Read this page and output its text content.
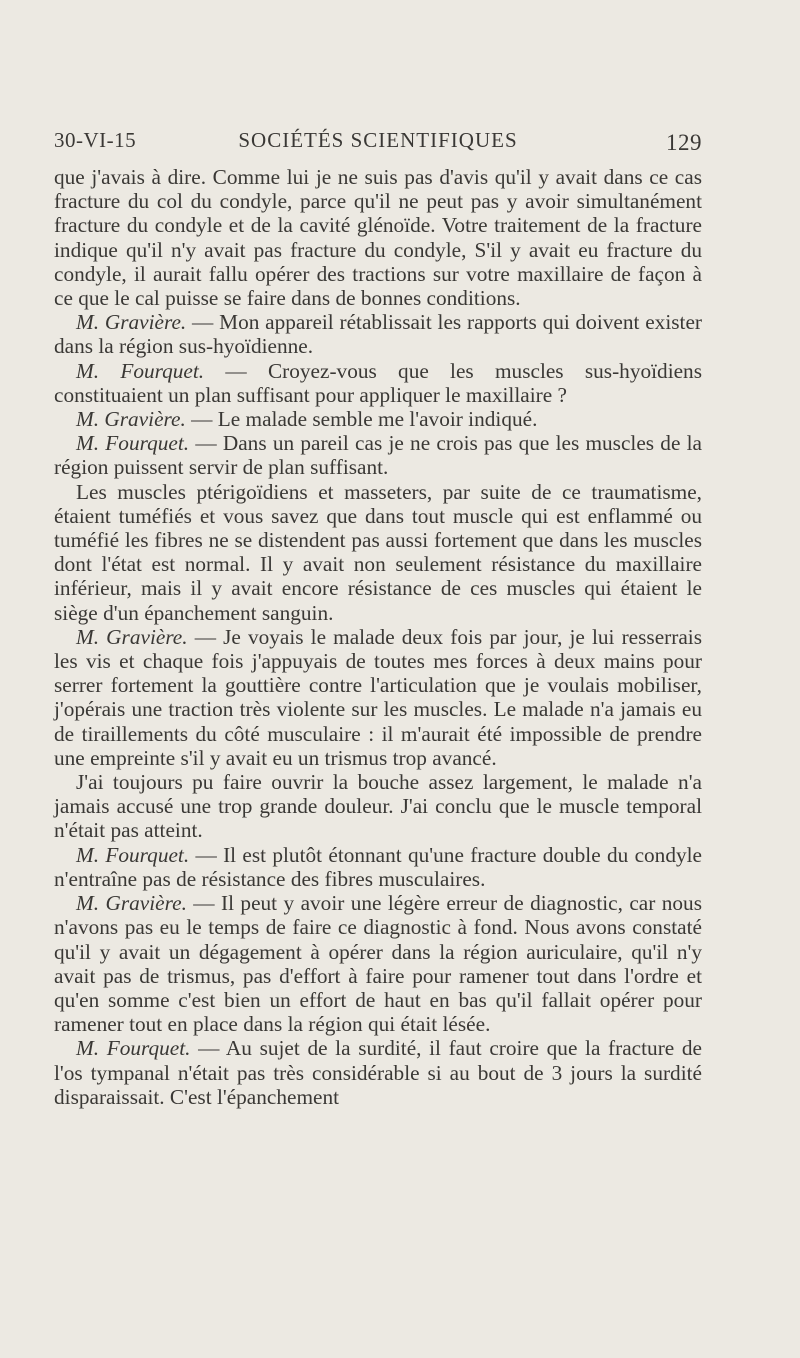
30-VI-15	SOCIÉTÉS SCIENTIFIQUES	129

que j'avais à dire. Comme lui je ne suis pas d'avis qu'il y avait dans ce cas fracture du col du condyle, parce qu'il ne peut pas y avoir simultanément fracture du condyle et de la cavité glénoïde. Votre traitement de la fracture indique qu'il n'y avait pas fracture du condyle, S'il y avait eu fracture du condyle, il aurait fallu opérer des tractions sur votre maxillaire de façon à ce que le cal puisse se faire dans de bonnes conditions.

M. Gravière. — Mon appareil rétablissait les rapports qui doivent exister dans la région sus-hyoïdienne.

M. Fourquet. — Croyez-vous que les muscles sus-hyoïdiens constituaient un plan suffisant pour appliquer le maxillaire ?

M. Gravière. — Le malade semble me l'avoir indiqué.

M. Fourquet. — Dans un pareil cas je ne crois pas que les muscles de la région puissent servir de plan suffisant.

Les muscles ptérigoïdiens et masseters, par suite de ce traumatisme, étaient tuméfiés et vous savez que dans tout muscle qui est enflammé ou tuméfié les fibres ne se distendent pas aussi fortement que dans les muscles dont l'état est normal. Il y avait non seulement résistance du maxillaire inférieur, mais il y avait encore résistance de ces muscles qui étaient le siège d'un épanchement sanguin.

M. Gravière. — Je voyais le malade deux fois par jour, je lui resserrais les vis et chaque fois j'appuyais de toutes mes forces à deux mains pour serrer fortement la gouttière contre l'articulation que je voulais mobiliser, j'opérais une traction très violente sur les muscles. Le malade n'a jamais eu de tiraillements du côté musculaire : il m'aurait été impossible de prendre une empreinte s'il y avait eu un trismus trop avancé.

J'ai toujours pu faire ouvrir la bouche assez largement, le malade n'a jamais accusé une trop grande douleur. J'ai conclu que le muscle temporal n'était pas atteint.

M. Fourquet. — Il est plutôt étonnant qu'une fracture double du condyle n'entraîne pas de résistance des fibres musculaires.

M. Gravière. — Il peut y avoir une légère erreur de diagnostic, car nous n'avons pas eu le temps de faire ce diagnostic à fond. Nous avons constaté qu'il y avait un dégagement à opérer dans la région auriculaire, qu'il n'y avait pas de trismus, pas d'effort à faire pour ramener tout dans l'ordre et qu'en somme c'est bien un effort de haut en bas qu'il fallait opérer pour ramener tout en place dans la région qui était lésée.

M. Fourquet. — Au sujet de la surdité, il faut croire que la fracture de l'os tympanal n'était pas très considérable si au bout de 3 jours la surdité disparaissait. C'est l'épanchement
